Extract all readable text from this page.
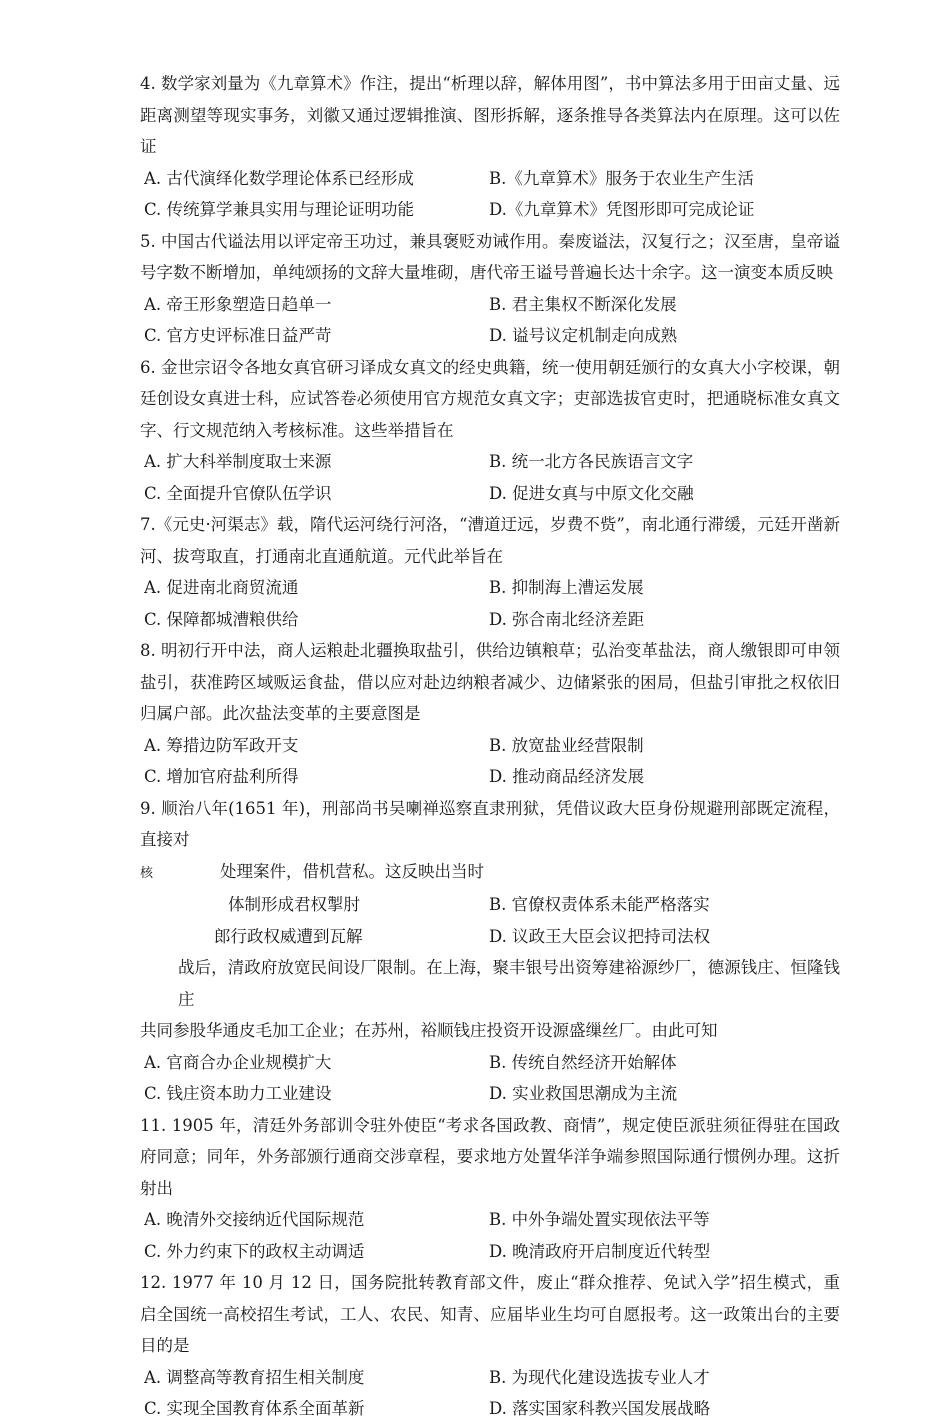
4. 数学家刘量为《九章算术》作注，提出“析理以辞，解体用图”，书中算法多用于田亩丈量、远距离测望等现实事务，刘徽又通过逻辑推演、图形拆解，逐条推导各类算法内在原理。这可以佐证

A. 古代演绎化数学理论体系已经形成	B.《九章算术》服务于农业生产生活
C. 传统算学兼具实用与理论证明功能	D.《九章算术》凭图形即可完成论证

5. 中国古代谥法用以评定帝王功过，兼具褒贬劝诫作用。秦废谥法，汉复行之；汉至唐，皇帝谥号字数不断增加，单纯颂扬的文辞大量堆砌，唐代帝王谥号普遍长达十余字。这一演变本质反映

A. 帝王形象塑造日趋单一	B. 君主集权不断深化发展
C. 官方史评标准日益严苛	D. 谥号议定机制走向成熟

6. 金世宗诏令各地女真官研习译成女真文的经史典籍，统一使用朝廷颁行的女真大小字校课，朝廷创设女真进士科，应试答卷必须使用官方规范女真文字；吏部选拔官吏时，把通晓标准女真文字、行文规范纳入考核标准。这些举措旨在

A. 扩大科举制度取士来源	B. 统一北方各民族语言文字
C. 全面提升官僚队伍学识	D. 促进女真与中原文化交融

7.《元史·河渠志》载，隋代运河绕行河洛，“漕道迂远，岁费不赀”，南北通行滞缓，元廷开凿新河、拔弯取直，打通南北直通航道。元代此举旨在

A. 促进南北商贸流通	B. 抑制海上漕运发展
C. 保障都城漕粮供给	D. 弥合南北经济差距

8. 明初行开中法，商人运粮赴北疆换取盐引，供给边镇粮草；弘治变革盐法，商人缴银即可申领盐引，获准跨区域贩运食盐，借以应对赴边纳粮者减少、边储紧张的困局，但盐引审批之权依旧归属户部。此次盐法变革的主要意图是

A. 筹措边防军政开支	B. 放宽盐业经营限制
C. 增加官府盐利所得	D. 推动商品经济发展

9. 顺治八年(1651 年)，刑部尚书吴喇禅巡察直隶刑狱，凭借议政大臣身份规避刑部既定流程，直接对
核	处理案件，借机营私。这反映出当时

体制形成君权掣肘	B. 官僚权责体系未能严格落实
郎行政权威遭到瓦解	D. 议政王大臣会议把持司法权

战后，清政府放宽民间设厂限制。在上海，聚丰银号出资筹建裕源纱厂，德源钱庄、恒隆钱庄
共同参股华通皮毛加工企业；在苏州，裕顺钱庄投资开设源盛缫丝厂。由此可知

A. 官商合办企业规模扩大	B. 传统自然经济开始解体
C. 钱庄资本助力工业建设	D. 实业救国思潮成为主流

11. 1905 年，清廷外务部训令驻外使臣“考求各国政教、商情”，规定使臣派驻须征得驻在国政府同意；同年，外务部颁行通商交涉章程，要求地方处置华洋争端参照国际通行惯例办理。这折射出

A. 晚清外交接纳近代国际规范	B. 中外争端处置实现依法平等
C. 外力约束下的政权主动调适	D. 晚清政府开启制度近代转型

12. 1977 年 10 月 12 日，国务院批转教育部文件，废止“群众推荐、免试入学”招生模式，重启全国统一高校招生考试，工人、农民、知青、应届毕业生均可自愿报考。这一政策出台的主要目的是

A. 调整高等教育招生相关制度	B. 为现代化建设选拔专业人才
C. 实现全国教育体系全面革新	D. 落实国家科教兴国发展战略
